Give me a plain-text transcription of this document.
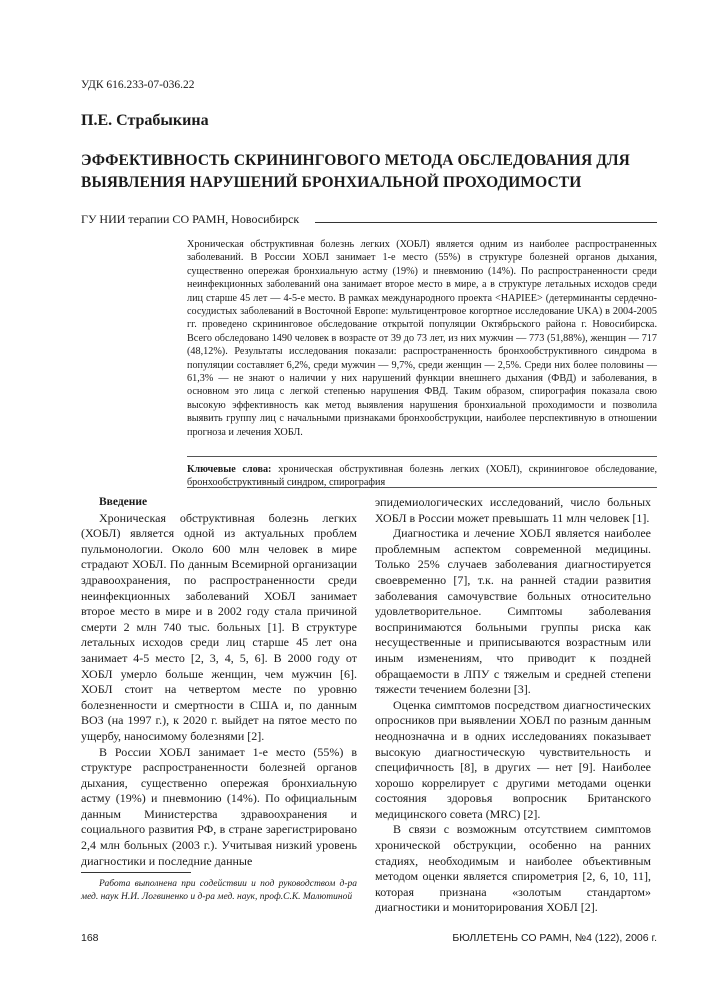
УДК 616.233-07-036.22
П.Е. Страбыкина
ЭФФЕКТИВНОСТЬ СКРИНИНГОВОГО МЕТОДА ОБСЛЕДОВАНИЯ ДЛЯ ВЫЯВЛЕНИЯ НАРУШЕНИЙ БРОНХИАЛЬНОЙ ПРОХОДИМОСТИ
ГУ НИИ терапии СО РАМН, Новосибирск
Хроническая обструктивная болезнь легких (ХОБЛ) является одним из наиболее распространенных заболеваний. В России ХОБЛ занимает 1-е место (55%) в структуре болезней органов дыхания, существенно опережая бронхиальную астму (19%) и пневмонию (14%). По распространенности среди неинфекционных заболеваний она занимает второе место в мире, а в структуре летальных исходов среди лиц старше 45 лет — 4-5-е место. В рамках международного проекта <HAPIEE> (детерминанты сердечно-сосудистых заболеваний в Восточной Европе: мультицентровое когортное исследование UKA) в 2004-2005 гг. проведено скрининговое обследование открытой популяции Октябрьского района г. Новосибирска. Всего обследовано 1490 человек в возрасте от 39 до 73 лет, из них мужчин — 773 (51,88%), женщин — 717 (48,12%). Результаты исследования показали: распространенность бронхообструктивного синдрома в популяции составляет 6,2%, среди мужчин — 9,7%, среди женщин — 2,5%. Среди них более половины — 61,3% — не знают о наличии у них нарушений функции внешнего дыхания (ФВД) и заболевания, в основном это лица с легкой степенью нарушения ФВД. Таким образом, спирография показала свою высокую эффективность как метод выявления нарушения бронхиальной проходимости и позволила выявить группу лиц с начальными признаками бронхообструкции, наиболее перспективную в отношении прогноза и лечения ХОБЛ.
Ключевые слова: хроническая обструктивная болезнь легких (ХОБЛ), скрининговое обследование, бронхообструктивный синдром, спирография

Введение

Хроническая обструктивная болезнь легких (ХОБЛ) является одной из актуальных проблем пульмонологии. Около 600 млн человек в мире страдают ХОБЛ. По данным Всемирной организации здравоохранения, по распространенности среди неинфекционных заболеваний ХОБЛ занимает второе место в мире и в 2002 году стала причиной смерти 2 млн 740 тыс. больных [1]. В структуре летальных исходов среди лиц старше 45 лет она занимает 4-5 место [2, 3, 4, 5, 6]. В 2000 году от ХОБЛ умерло больше женщин, чем мужчин [6]. ХОБЛ стоит на четвертом месте по уровню болезненности и смертности в США и, по данным ВОЗ (на 1997 г.), к 2020 г. выйдет на пятое место по ущербу, наносимому болезнями [2].

В России ХОБЛ занимает 1-е место (55%) в структуре распространенности болезней органов дыхания, существенно опережая бронхиальную астму (19%) и пневмонию (14%). По официальным данным Министерства здравоохранения и социального развития РФ, в стране зарегистрировано 2,4 млн больных (2003 г.). Учитывая низкий уровень диагностики и последние данные

эпидемиологических исследований, число больных ХОБЛ в России может превышать 11 млн человек [1].

Диагностика и лечение ХОБЛ является наиболее проблемным аспектом современной медицины. Только 25% случаев заболевания диагностируется своевременно [7], т.к. на ранней стадии развития заболевания самочувствие больных относительно удовлетворительное. Симптомы заболевания воспринимаются больными группы риска как несущественные и приписываются возрастным или иным изменениям, что приводит к поздней обращаемости в ЛПУ с тяжелым и средней степени тяжести течением болезни [3].

Оценка симптомов посредством диагностических опросников при выявлении ХОБЛ по разным данным неоднозначна и в одних исследованиях показывает высокую диагностическую чувствительность и специфичность [8], в других — нет [9]. Наиболее хорошо коррелирует с другими методами оценки состояния здоровья вопросник Британского медицинского совета (MRC) [2].

В связи с возможным отсутствием симптомов хронической обструкции, особенно на ранних стадиях, необходимым и наиболее объективным методом оценки является спирометрия [2, 6, 10, 11], которая признана «золотым стандартом» диагностики и мониторирования ХОБЛ [2].

Работа выполнена при содействии и под руководством д-ра мед. наук Н.И. Логвиненко и д-ра мед. наук, проф.С.К. Малютиной
168	БЮЛЛЕТЕНЬ СО РАМН, №4 (122), 2006 г.
